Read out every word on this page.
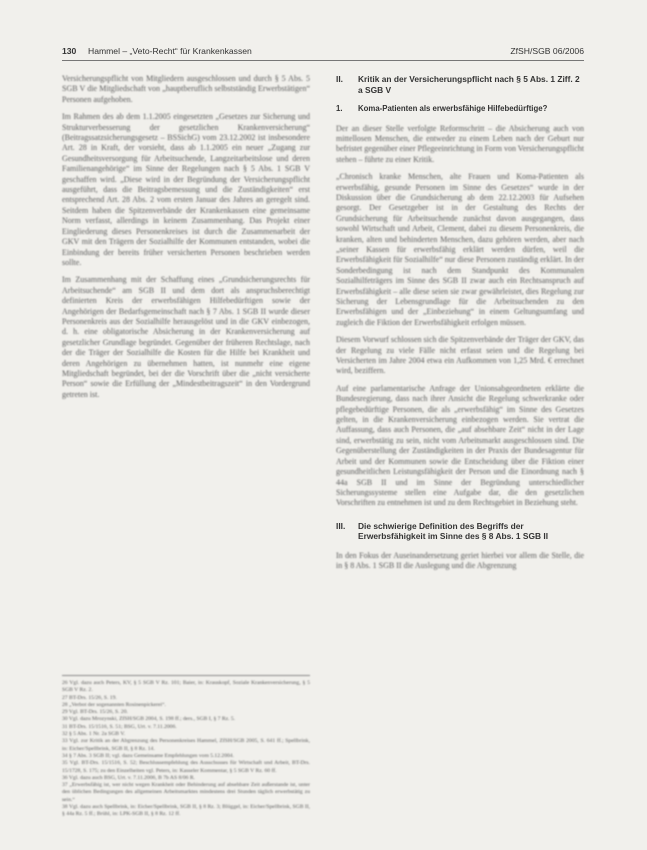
130 Hammel – „Veto-Recht“ für Krankenkassen	ZfSH/SGB 06/2006

Versicherungspflicht von Mitgliedern ausgeschlossen und durch § 5 Abs. 5 SGB V die Mitgliedschaft von „hauptberuflich selbstständig Erwerbstätigen“ Personen aufgehoben.

Im Rahmen des ab dem 1.1.2005 eingesetzten „Gesetzes zur Sicherung und Strukturverbesserung der gesetzlichen Krankenversicherung“ (Beitragssatzsicherungsgesetz – BSSichG) vom 23.12.2002 ist insbesondere Art. 28 in Kraft, der vorsieht, dass ab 1.1.2005 ein neuer „Zugang zur Gesundheitsversorgung für Arbeitsuchende, Langzeitarbeitslose und deren Familienangehörige“ im Sinne der Regelungen nach § 5 Abs. 1 SGB V geschaffen wird. „Diese wird in der Begründung der Versicherungspflicht ausgeführt, dass die Beitragsbemessung und die Zuständigkeiten“ erst entsprechend Art. 28 Abs. 2 vom ersten Januar des Jahres an geregelt sind. Seitdem haben die Spitzenverbände der Krankenkassen eine gemeinsame Norm verfasst, allerdings in keinem Zusammenhang. Das Projekt einer Eingliederung dieses Personenkreises ist durch die Zusammenarbeit der GKV mit den Trägern der Sozialhilfe der Kommunen entstanden, wobei die Einbindung der bereits früher versicherten Personen beschrieben werden sollte.

Im Zusammenhang mit der Schaffung eines „Grundsicherungsrechts für Arbeitsuchende“ am SGB II und dem dort als anspruchsberechtigt definierten Kreis der erwerbsfähigen Hilfebedürftigen sowie der Angehörigen der Bedarfsgemeinschaft nach § 7 Abs. 1 SGB II wurde dieser Personenkreis aus der Sozialhilfe herausgelöst und in die GKV einbezogen, d. h. eine obligatorische Absicherung in der Krankenversicherung auf gesetzlicher Grundlage begründet. Gegenüber der früheren Rechtslage, nach der die Träger der Sozialhilfe die Kosten für die Hilfe bei Krankheit und deren Angehörigen zu übernehmen hatten, ist nunmehr eine eigene Mitgliedschaft begründet, bei der die Vorschrift über die „nicht versicherte Person“ sowie die Erfüllung der „Mindestbeitragszeit“ in den Vordergrund getreten ist.

26 Vgl. dazu auch Peters, KV, § 5 SGB V Rz. 101; Baier, in: Krauskopf, Soziale Krankenversicherung, § 5 SGB V Rz. 2.

27 BT-Drs. 15/26, S. 19.

28 „Verbot der sogenannten Rosinenpickerei“.

29 Vgl. BT-Drs. 15/26, S. 20.

30 Vgl. dazu Mrozynski, ZfSH/SGB 2004, S. 198 ff.; ders., SGB I, § 7 Rz. 5.

31 BT-Drs. 15/1516, S. 51; BSG, Urt. v. 7.11.2006.

32 § 5 Abs. 1 Nr. 2a SGB V.

33 Vgl. zur Kritik an der Abgrenzung des Personenkreises Hammel, ZfSH/SGB 2005, S. 641 ff.; Spellbrink, in: Eicher/Spellbrink, SGB II, § 8 Rz. 14.

34 § 7 Abs. 3 SGB II; vgl. dazu Gemeinsame Empfehlungen vom 5.12.2004.

35 Vgl. BT-Drs. 15/1516, S. 52; Beschlussempfehlung des Ausschusses für Wirtschaft und Arbeit, BT-Drs. 15/1728, S. 175; zu den Einzelheiten vgl. Peters, in: Kasseler Kommentar, § 5 SGB V Rz. 60 ff.

36 Vgl. dazu auch BSG, Urt. v. 7.11.2006, B 7b AS 8/06 R.

37 „Erwerbsfähig ist, wer nicht wegen Krankheit oder Behinderung auf absehbare Zeit außerstande ist, unter den üblichen Bedingungen des allgemeinen Arbeitsmarktes mindestens drei Stunden täglich erwerbstätig zu sein.“

38 Vgl. dazu auch Spellbrink, in: Eicher/Spellbrink, SGB II, § 8 Rz. 3; Blüggel, in: Eicher/Spellbrink, SGB II, § 44a Rz. 5 ff.; Brühl, in: LPK-SGB II, § 8 Rz. 12 ff.

II.	Kritik an der Versicherungspflicht nach § 5 Abs. 1 Ziff. 2 a SGB V
1.	Koma-Patienten als erwerbsfähige Hilfebedürftige?

Der an dieser Stelle verfolgte Reformschritt – die Absicherung auch von mittellosen Menschen, die entweder zu einem Leben nach der Geburt nur befristet gegenüber einer Pflegeeinrichtung in Form von Versicherungspflicht stehen – führte zu einer Kritik.

„Chronisch kranke Menschen, alte Frauen und Koma-Patienten als erwerbsfähig, gesunde Personen im Sinne des Gesetzes“ wurde in der Diskussion über die Grundsicherung ab dem 22.12.2003 für Aufsehen gesorgt. Der Gesetzgeber ist in der Gestaltung des Rechts der Grundsicherung für Arbeitsuchende zunächst davon ausgegangen, dass sowohl Wirtschaft und Arbeit, Clement, dabei zu diesem Personenkreis, die kranken, alten und behinderten Menschen, dazu gehören werden, aber nach „seiner Kassen für erwerbsfähig erklärt werden dürfen, weil die Erwerbsfähigkeit für Sozialhilfe“ nur diese Personen zuständig erklärt. In der Sonderbedingung ist nach dem Standpunkt des Kommunalen Sozialhilfeträgers im Sinne des SGB II zwar auch ein Rechtsanspruch auf Erwerbsfähigkeit – alle diese seien sie zwar gewährleistet, dies Regelung zur Sicherung der Lebensgrundlage für die Arbeitsuchenden zu den Erwerbsfähigen und der „Einbeziehung“ in einem Geltungsumfang und zugleich die Fiktion der Erwerbsfähigkeit erfolgen müssen.

Diesem Vorwurf schlossen sich die Spitzenverbände der Träger der GKV, das der Regelung zu viele Fälle nicht erfasst seien und die Regelung bei Versicherten im Jahre 2004 etwa ein Aufkommen von 1,25 Mrd. € errechnet wird, beziffern.

Auf eine parlamentarische Anfrage der Unionsabgeordneten erklärte die Bundesregierung, dass nach ihrer Ansicht die Regelung schwerkranke oder pflegebedürftige Personen, die als „erwerbsfähig“ im Sinne des Gesetzes gelten, in die Krankenversicherung einbezogen werden. Sie vertrat die Auffassung, dass auch Personen, die „auf absehbare Zeit“ nicht in der Lage sind, erwerbstätig zu sein, nicht vom Arbeitsmarkt ausgeschlossen sind. Die Gegenüberstellung der Zuständigkeiten in der Praxis der Bundesagentur für Arbeit und der Kommunen sowie die Entscheidung über die Fiktion einer gesundheitlichen Leistungsfähigkeit der Person und die Einordnung nach § 44a SGB II und im Sinne der Begründung unterschiedlicher Sicherungssysteme stellen eine Aufgabe dar, die den gesetzlichen Vorschriften zu entnehmen ist und zu dem Rechtsgebiet in Beziehung steht.

III.	Die schwierige Definition des Begriffs der Erwerbsfähigkeit im Sinne des § 8 Abs. 1 SGB II

In den Fokus der Auseinandersetzung geriet hierbei vor allem die Stelle, die in § 8 Abs. 1 SGB II die Auslegung und die Abgrenzung
